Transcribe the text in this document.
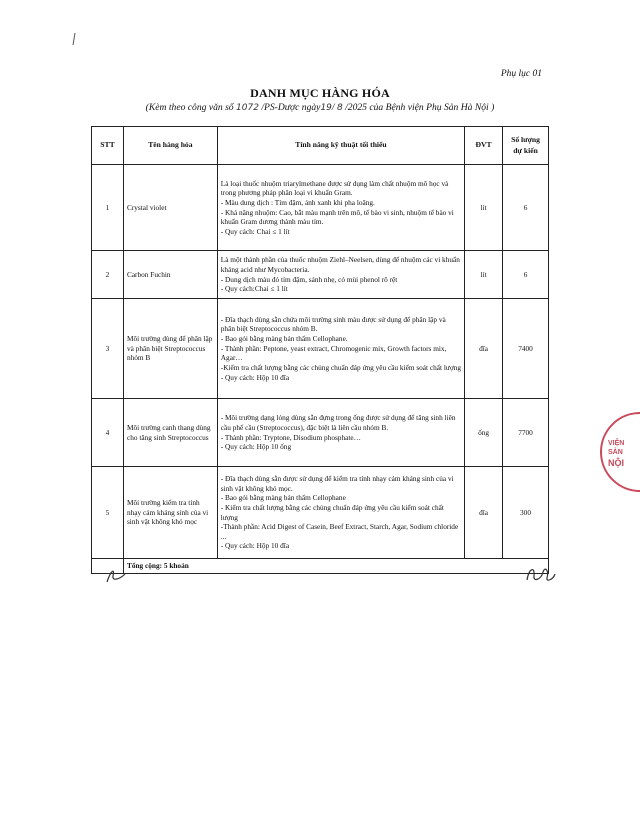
Phụ lục 01
DANH MỤC HÀNG HÓA
(Kèm theo công văn số 1072 /PS-Dược ngày19/ 8 /2025 của Bệnh viện Phụ Sản Hà Nội )
STT	Tên hàng hóa	Tính năng kỹ thuật tối thiểu	ĐVT	Số lượng dự kiến
1	Crystal violet	Là loại thuốc nhuộm triarylmethane được sử dụng làm chất nhuộm mô học và trong phương pháp phân loại vi khuẩn Gram.
- Màu dung dịch : Tím đậm, ánh xanh khi pha loãng.
- Khả năng nhuộm: Cao, bắt màu mạnh trên mô, tế bào vi sinh, nhuộm tế bào vi khuẩn Gram dương thành màu tím.
- Quy cách: Chai ≤ 1 lít	lít	6
2	Carbon Fuchin	Là một thành phần của thuốc nhuộm Ziehl–Neelsen, dùng để nhuộm các vi khuẩn kháng acid như Mycobacteria.
- Dung dịch màu đỏ tím đậm, sánh nhẹ, có mùi phenol rõ rệt
- Quy cách:Chai ≤ 1 lít	lít	6
3	Môi trường dùng để phân lập và phân biệt Streptococcus nhóm B	- Đĩa thạch dùng sẵn chứa môi trường sinh màu được sử dụng để phân lập và phân biệt Streptococcus nhóm B.
- Bao gói bằng màng bán thấm Cellophane.
- Thành phần: Peptone, yeast extract, Chromogenic mix, Growth factors mix, Agar…
-Kiểm tra chất lượng bằng các chủng chuẩn đáp ứng yêu cầu kiểm soát chất lượng
- Quy cách: Hộp 10 đĩa	đĩa	7400
4	Môi trường canh thang dùng cho tăng sinh Streptococcus	- Môi trường dạng lỏng dùng sẵn đựng trong ống được sử dụng để tăng sinh liên cầu phế cầu (Streptococcus), đặc biệt là liên cầu nhóm B.
- Thành phần: Tryptone, Disodium phosphate…
- Quy cách: Hộp 10 ống	ống	7700
5	Môi trường kiểm tra tính nhạy cảm kháng sinh của vi sinh vật không khó mọc	- Đĩa thạch dùng sẵn được sử dụng để kiểm tra tính nhạy cảm kháng sinh của vi sinh vật không khó mọc.
- Bao gói bằng màng bán thấm Cellophane
- Kiểm tra chất lượng bằng các chủng chuẩn đáp ứng yêu cầu kiểm soát chất lượng
-Thành phần: Acid Digest of Casein, Beef Extract, Starch, Agar, Sodium chloride ...
- Quy cách: Hộp 10 đĩa	đĩa	300
	Tổng cộng: 5 khoản			
VIỆN
SẢN
NỘI
